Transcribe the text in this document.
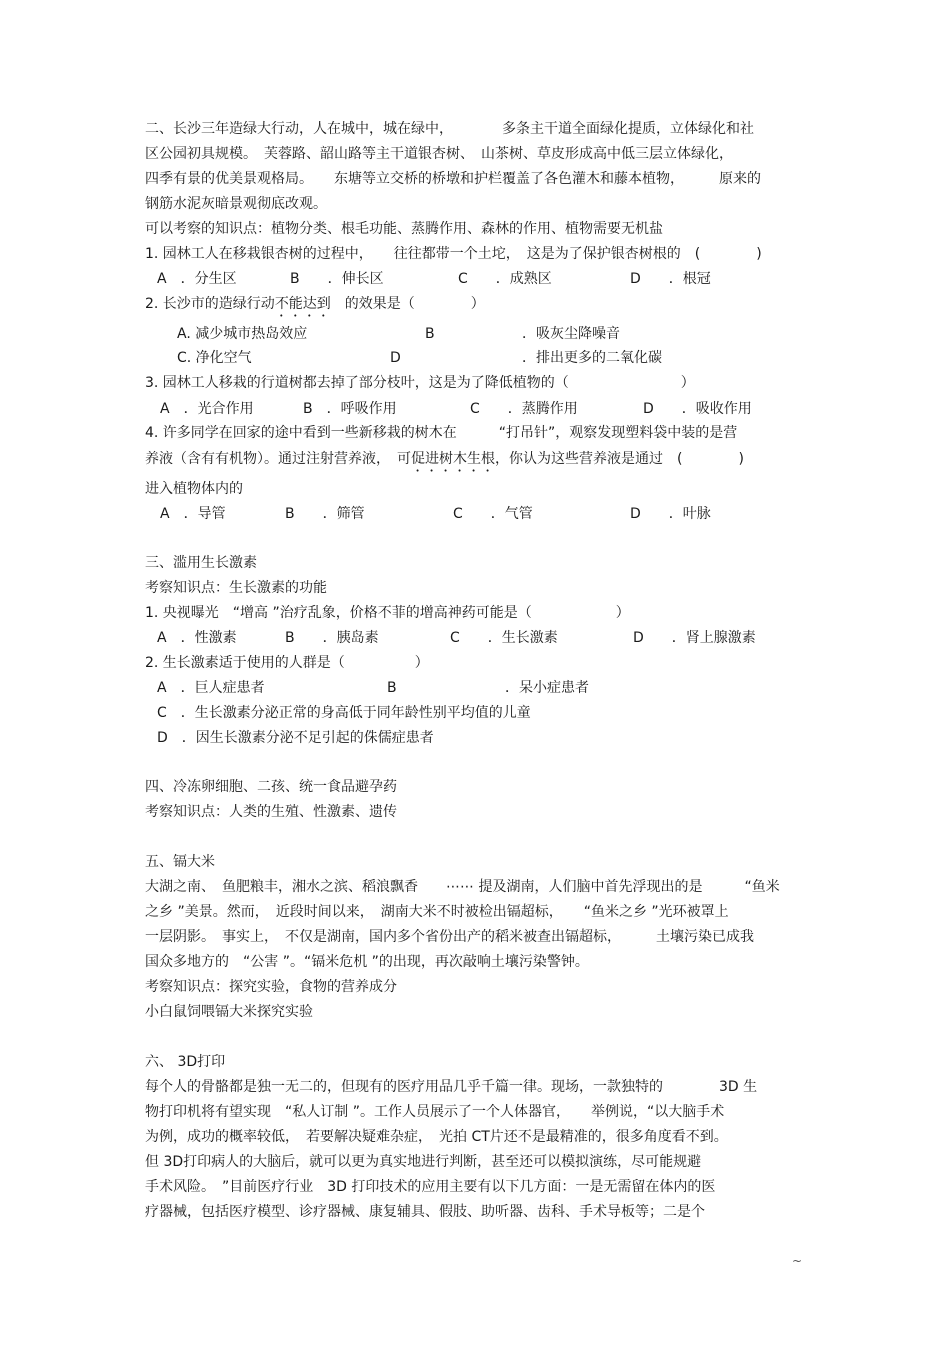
二、长沙三年造绿大行动，人在城中，城在绿中，　　　　多条主干道全面绿化提质，立体绿化和社
区公园初具规模。　芙蓉路、韶山路等主干道银杏树、　山茶树、草皮形成高中低三层立体绿化，
四季有景的优美景观格局。　　东塘等立交桥的桥墩和护栏覆盖了各色灌木和藤本植物，　　　原来的
钢筋水泥灰暗景观彻底改观。
可以考察的知识点：植物分类、根毛功能、蒸腾作用、森林的作用、植物需要无机盐
1. 园林工人在移栽银杏树的过程中，　　往往都带一个土坨，　这是为了保护银杏树根的　(　　　　)
A　．分生区	B　　．伸长区	C　　．成熟区	D　　．根冠
2. 长沙市的造绿行动不能达到　的效果是（　　　　）
A. 减少城市热岛效应	B	．吸灰尘降噪音
C. 净化空气	D	．排出更多的二氧化碳
3. 园林工人移栽的行道树都去掉了部分枝叶，这是为了降低植物的（　　　　　　　　）
A　．光合作用	B　．呼吸作用	C　　．蒸腾作用	D　　．吸收作用
4. 许多同学在回家的途中看到一些新移栽的树木在　　　“打吊针”，观察发现塑料袋中装的是营
养液（含有有机物）。通过注射营养液，　可促进树木生根，你认为这些营养液是通过　(　　　　)
进入植物体内的
A　．导管	B　　．筛管	C　　．气管	D　　．叶脉
三、滥用生长激素
考察知识点：生长激素的功能
1. 央视曝光　“增高 ”治疗乱象，价格不菲的增高神药可能是（　　　　　　）
A　．性激素	B　　．胰岛素	C　　．生长激素	D　　．肾上腺激素
2. 生长激素适于使用的人群是（　　　　　）
A　．巨人症患者	B	．呆小症患者
C　．生长激素分泌正常的身高低于同年龄性别平均值的儿童
D　．因生长激素分泌不足引起的侏儒症患者
四、冷冻卵细胞、二孩、统一食品避孕药
考察知识点：人类的生殖、性激素、遗传
五、镉大米
大湖之南、　鱼肥粮丰，湘水之滨、稻浪飘香　　⋯⋯ 提及湖南，人们脑中首先浮现出的是　　　“鱼米
之乡 ”美景。然而，　近段时间以来，　湖南大米不时被检出镉超标，　　“鱼米之乡 ”光环被罩上
一层阴影。　事实上，　不仅是湖南，国内多个省份出产的稻米被查出镉超标，　　　土壤污染已成我
国众多地方的　“公害 ”。“镉米危机 ”的出现，再次敲响土壤污染警钟。
考察知识点：探究实验，食物的营养成分
小白鼠饲喂镉大米探究实验
六、 3D打印
每个人的骨骼都是独一无二的，但现有的医疗用品几乎千篇一律。现场，一款独特的　　　　3D 生
物打印机将有望实现　“私人订制 ”。工作人员展示了一个人体器官，　　举例说，“以大脑手术
为例，成功的概率较低，　若要解决疑难杂症，　光拍 CT片还不是最精准的，很多角度看不到。
但 3D打印病人的大脑后，就可以更为真实地进行判断，甚至还可以模拟演练，尽可能规避
手术风险。　”目前医疗行业　3D 打印技术的应用主要有以下几方面：一是无需留在体内的医
疗器械，包括医疗模型、诊疗器械、康复辅具、假肢、助听器、齿科、手术导板等；二是个
~
